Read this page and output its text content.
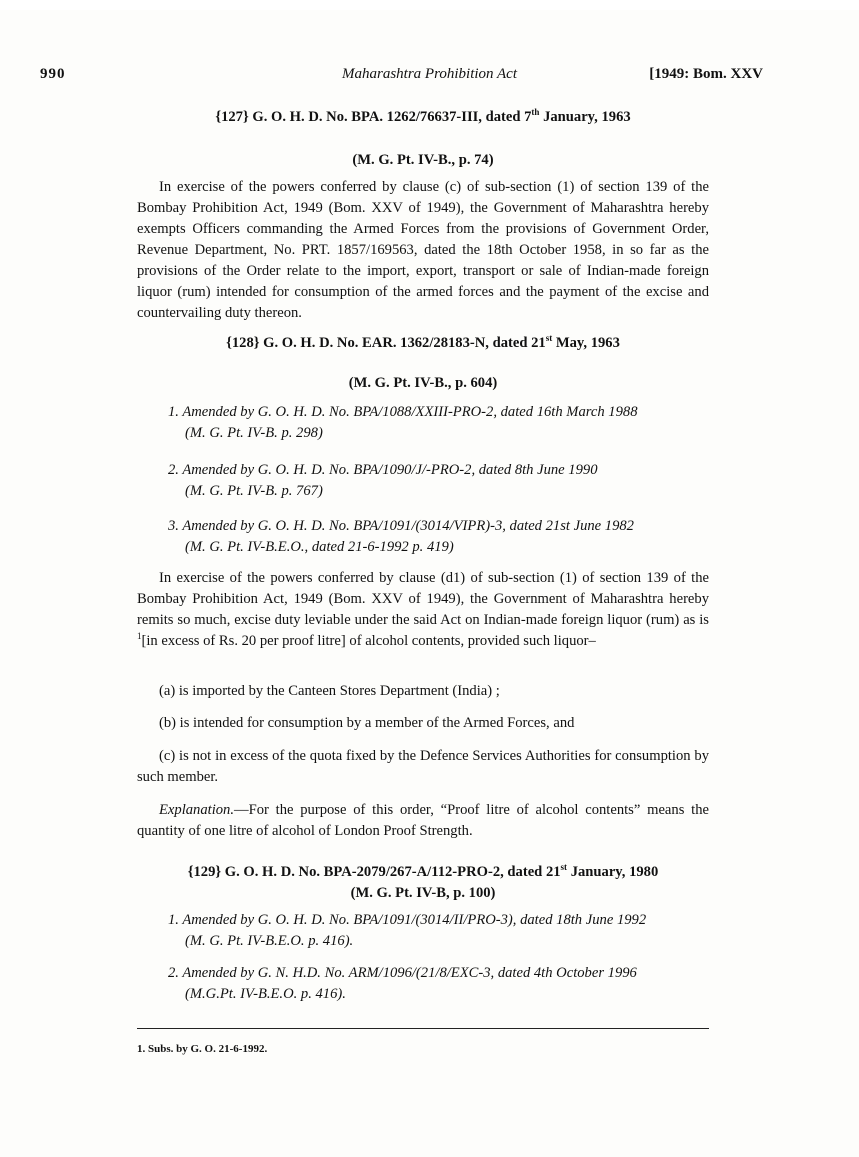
990	Maharashtra Prohibition Act	[1949: Bom. XXV
{127} G. O. H. D. No. BPA. 1262/76637-III, dated 7th January, 1963
(M. G. Pt. IV-B., p. 74)

In exercise of the powers conferred by clause (c) of sub-section (1) of section 139 of the Bombay Prohibition Act, 1949 (Bom. XXV of 1949), the Government of Maharashtra hereby exempts Officers commanding the Armed Forces from the provisions of Government Order, Revenue Department, No. PRT. 1857/169563, dated the 18th October 1958, in so far as the provisions of the Order relate to the import, export, transport or sale of Indian-made foreign liquor (rum) intended for consumption of the armed forces and the payment of the excise and countervailing duty thereon.

{128} G. O. H. D. No. EAR. 1362/28183-N, dated 21st May, 1963
(M. G. Pt. IV-B., p. 604)
1. Amended by G. O. H. D. No. BPA/1088/XXIII-PRO-2, dated 16th March 1988
(M. G. Pt. IV-B. p. 298)
2. Amended by G. O. H. D. No. BPA/1090/J/-PRO-2, dated 8th June 1990
(M. G. Pt. IV-B. p. 767)
3. Amended by G. O. H. D. No. BPA/1091/(3014/VIPR)-3, dated 21st June 1982
(M. G. Pt. IV-B.E.O., dated 21-6-1992 p. 419)

In exercise of the powers conferred by clause (d1) of sub-section (1) of section 139 of the Bombay Prohibition Act, 1949 (Bom. XXV of 1949), the Government of Maharashtra hereby remits so much, excise duty leviable under the said Act on Indian-made foreign liquor (rum) as is $^1$[in excess of Rs. 20 per proof litre] of alcohol contents, provided such liquor–

(a) is imported by the Canteen Stores Department (India) ;

(b) is intended for consumption by a member of the Armed Forces, and

(c) is not in excess of the quota fixed by the Defence Services Authorities for consumption by such member.

Explanation.—For the purpose of this order, “Proof litre of alcohol contents” means the quantity of one litre of alcohol of London Proof Strength.

{129} G. O. H. D. No. BPA-2079/267-A/112-PRO-2, dated 21st January, 1980
(M. G. Pt. IV-B, p. 100)
1. Amended by G. O. H. D. No. BPA/1091/(3014/II/PRO-3), dated 18th June 1992
(M. G. Pt. IV-B.E.O. p. 416).
2. Amended by G. N. H.D. No. ARM/1096/(21/8/EXC-3, dated 4th October 1996
(M.G.Pt. IV-B.E.O. p. 416).
1. Subs. by G. O. 21-6-1992.
